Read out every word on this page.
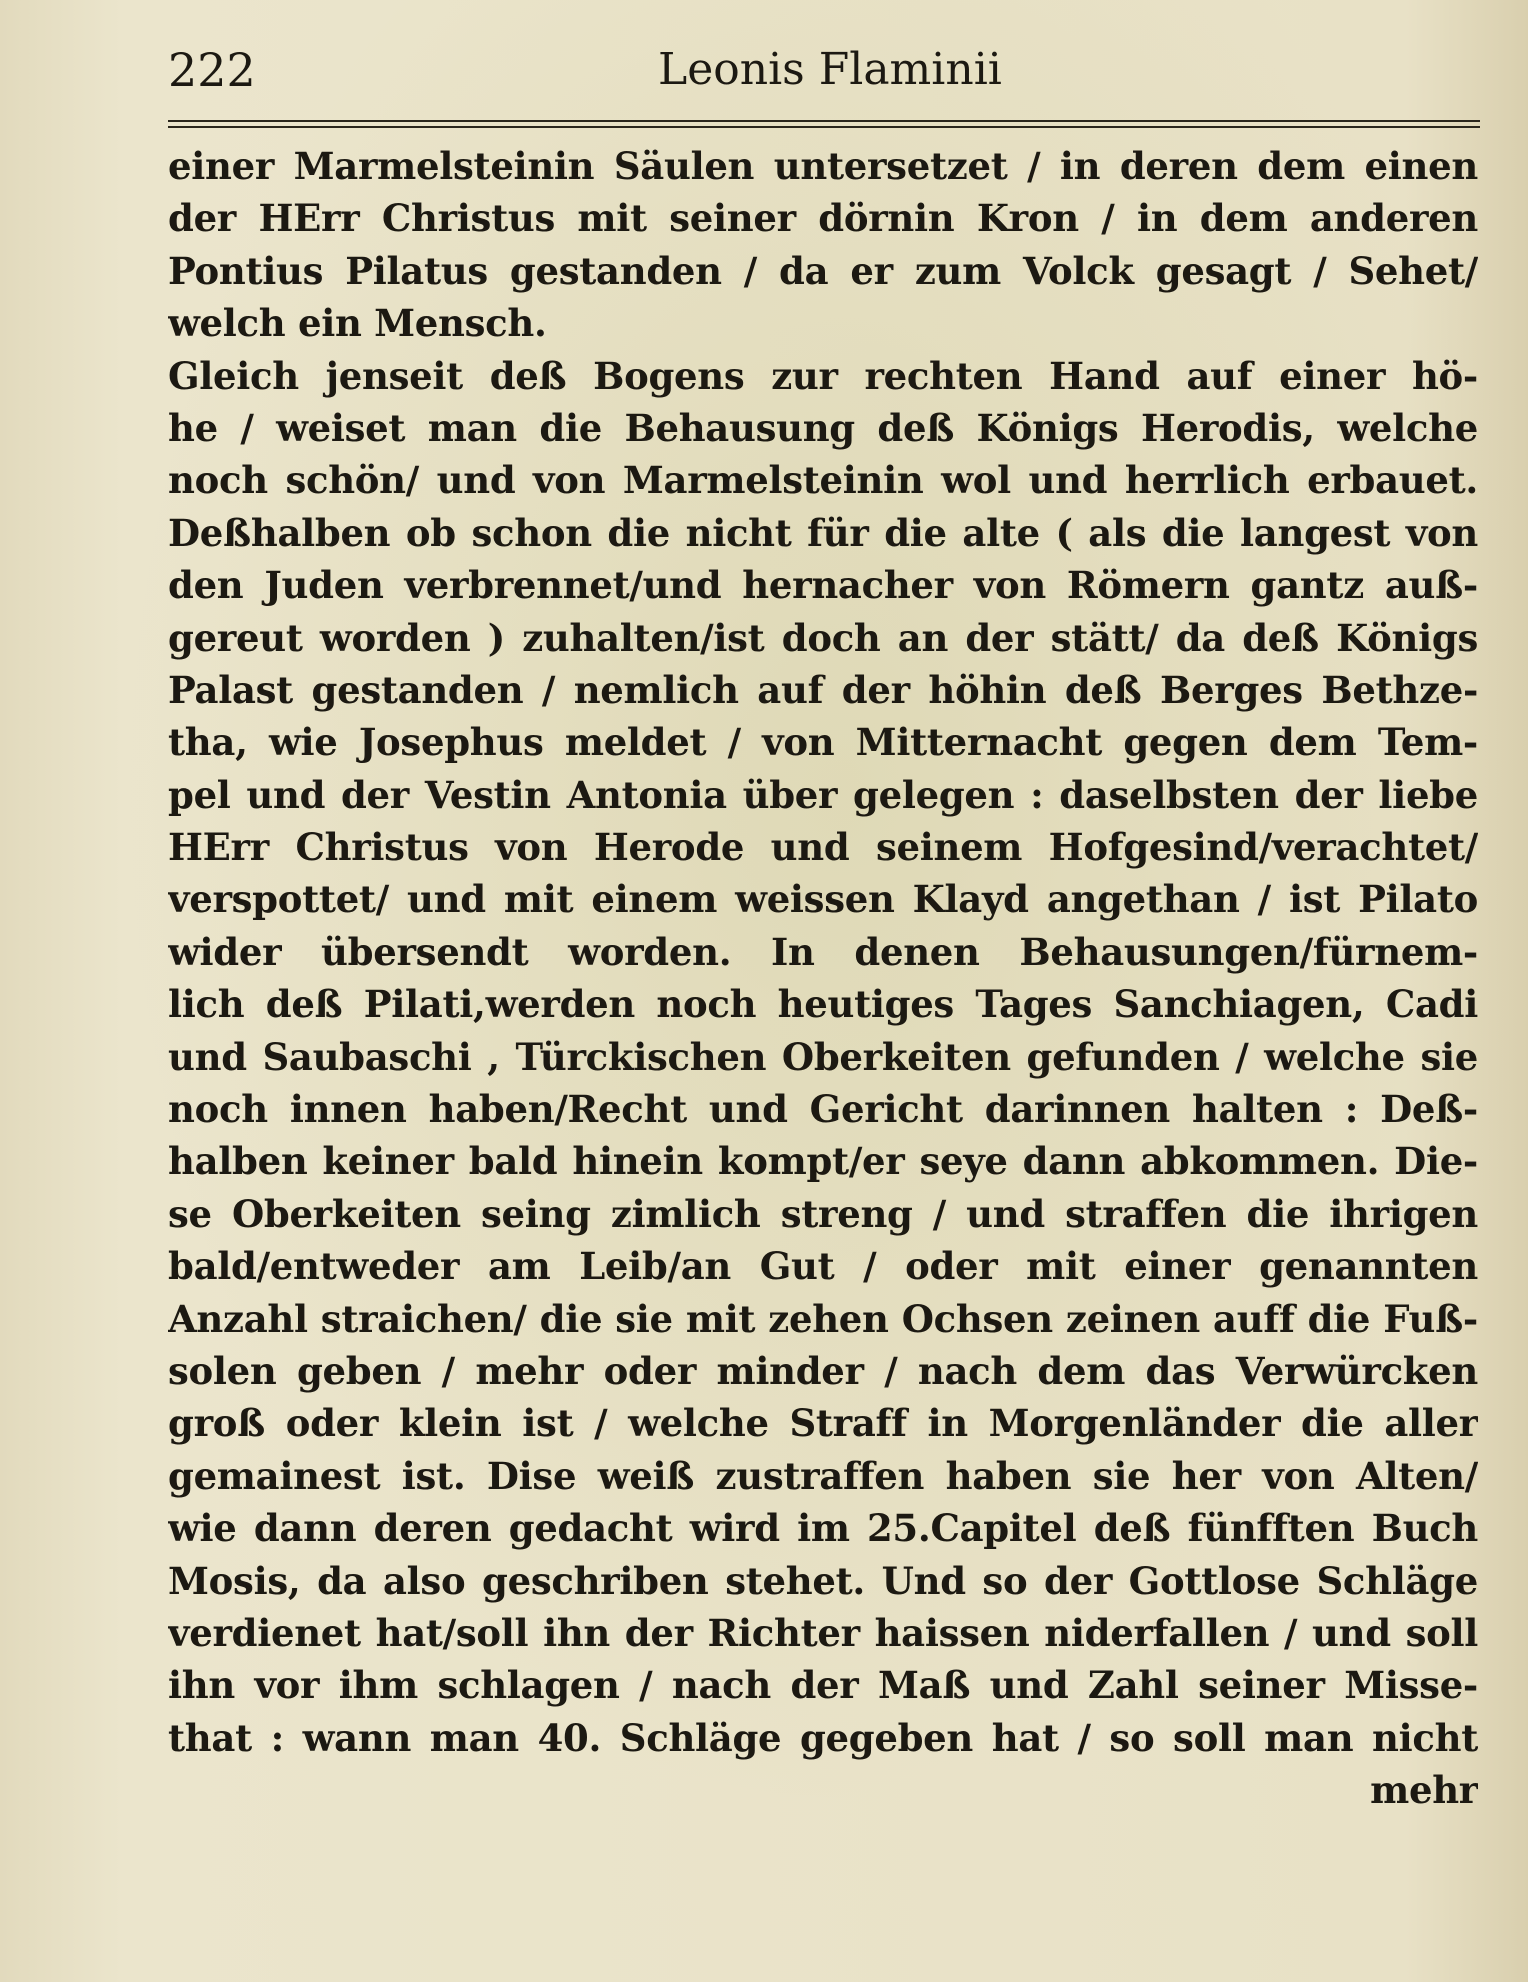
222	Leonis Flaminii
einer Marmelsteinin Säulen untersetzet / in deren dem einen
der HErr Christus mit seiner dörnin Kron / in dem anderen
Pontius Pilatus gestanden / da er zum Volck gesagt / Sehet/
welch ein Mensch.
Gleich jenseit deß Bogens zur rechten Hand auf einer hö-
he / weiset man die Behausung deß Königs Herodis, welche
noch schön/ und von Marmelsteinin wol und herrlich erbauet.
Deßhalben ob schon die nicht für die alte ( als die langest von
den Juden verbrennet/und hernacher von Römern gantz auß-
gereut worden ) zuhalten/ist doch an der stätt/ da deß Königs
Palast gestanden / nemlich auf der höhin deß Berges Bethze-
tha, wie Josephus meldet / von Mitternacht gegen dem Tem-
pel und der Vestin Antonia über gelegen : daselbsten der liebe
HErr Christus von Herode und seinem Hofgesind/verachtet/
verspottet/ und mit einem weissen Klayd angethan / ist Pilato
wider übersendt worden. In denen Behausungen/fürnem-
lich deß Pilati,werden noch heutiges Tages Sanchiagen, Cadi
und Saubaschi , Türckischen Oberkeiten gefunden / welche sie
noch innen haben/Recht und Gericht darinnen halten : Deß-
halben keiner bald hinein kompt/er seye dann abkommen. Die-
se Oberkeiten seing zimlich streng / und straffen die ihrigen
bald/entweder am Leib/an Gut / oder mit einer genannten
Anzahl straichen/ die sie mit zehen Ochsen zeinen auff die Fuß-
solen geben / mehr oder minder / nach dem das Verwürcken
groß oder klein ist / welche Straff in Morgenländer die aller
gemainest ist. Dise weiß zustraffen haben sie her von Alten/
wie dann deren gedacht wird im 25.Capitel deß fünfften Buch
Mosis, da also geschriben stehet. Und so der Gottlose Schläge
verdienet hat/soll ihn der Richter haissen niderfallen / und soll
ihn vor ihm schlagen / nach der Maß und Zahl seiner Misse-
that : wann man 40. Schläge gegeben hat / so soll man nicht
mehr
